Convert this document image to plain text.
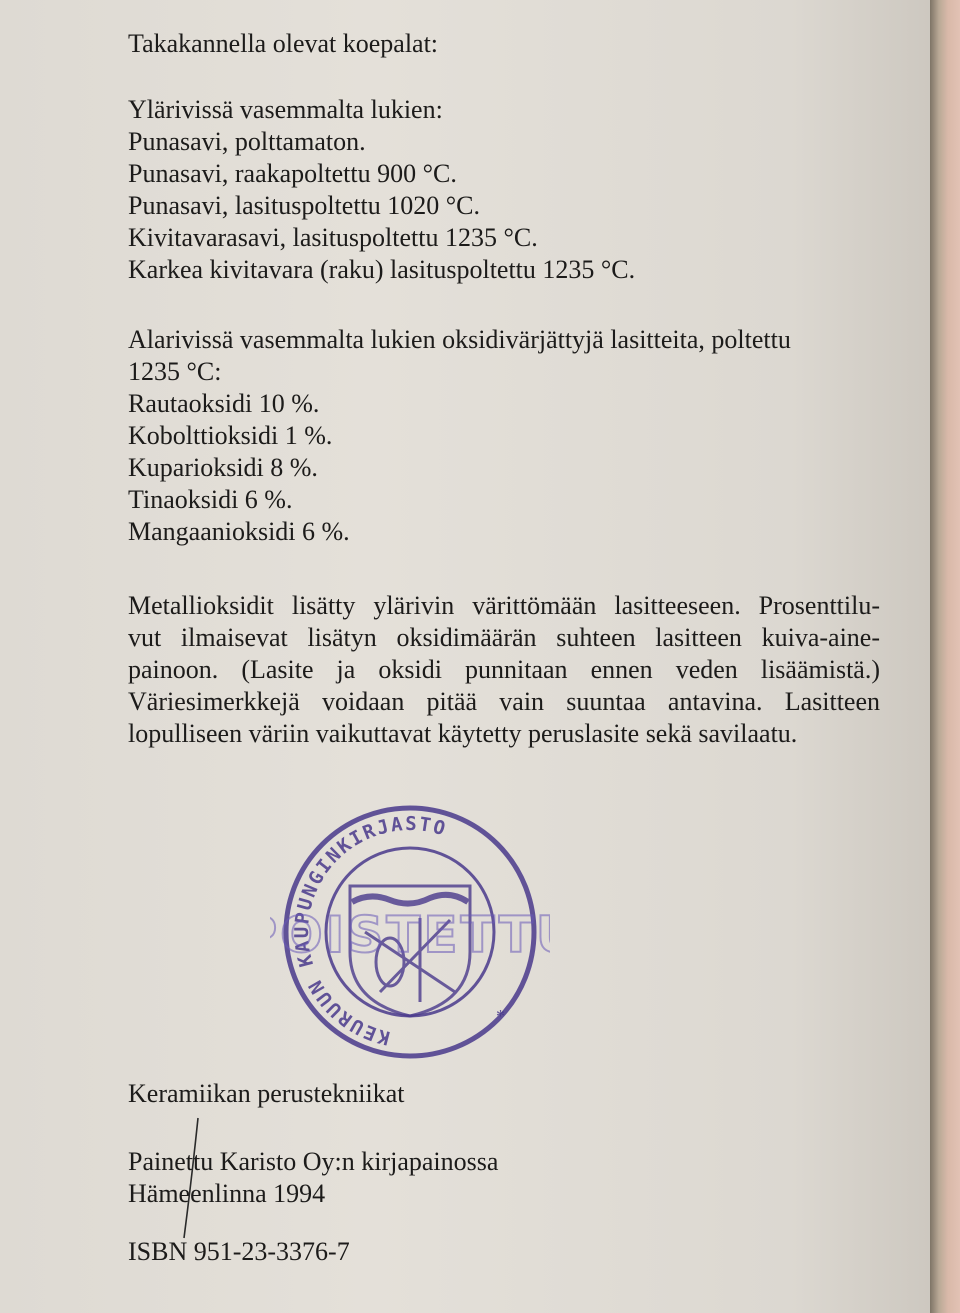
Takakannella olevat koepalat:
Ylärivissä vasemmalta lukien:
Punasavi, polttamaton.
Punasavi, raakapoltettu 900 °C.
Punasavi, lasituspoltettu 1020 °C.
Kivitavarasavi, lasituspoltettu 1235 °C.
Karkea kivitavara (raku) lasituspoltettu 1235 °C.
Alarivissä vasemmalta lukien oksidivärjättyjä lasitteita, poltettu
1235 °C:
Rautaoksidi 10 %.
Kobolttioksidi 1 %.
Kuparioksidi 8 %.
Tinaoksidi 6 %.
Mangaanioksidi 6 %.
Metallioksidit lisätty ylärivin värittömään lasitteeseen. Prosenttilu-
vut ilmaisevat lisätyn oksidimäärän suhteen lasitteen kuiva-aine-
painoon. (Lasite ja oksidi punnitaan ennen veden lisäämistä.)
Väriesimerkkejä voidaan pitää vain suuntaa antavina. Lasitteen
lopulliseen väriin vaikuttavat käytetty peruslasite sekä savilaatu.
KEURUUN KAUPUNGINKIRJASTO
*
OISTETT
Keramiikan perustekniikat
Painettu Karisto Oy:n kirjapainossa
Hämeenlinna 1994
ISBN 951-23-3376-7
